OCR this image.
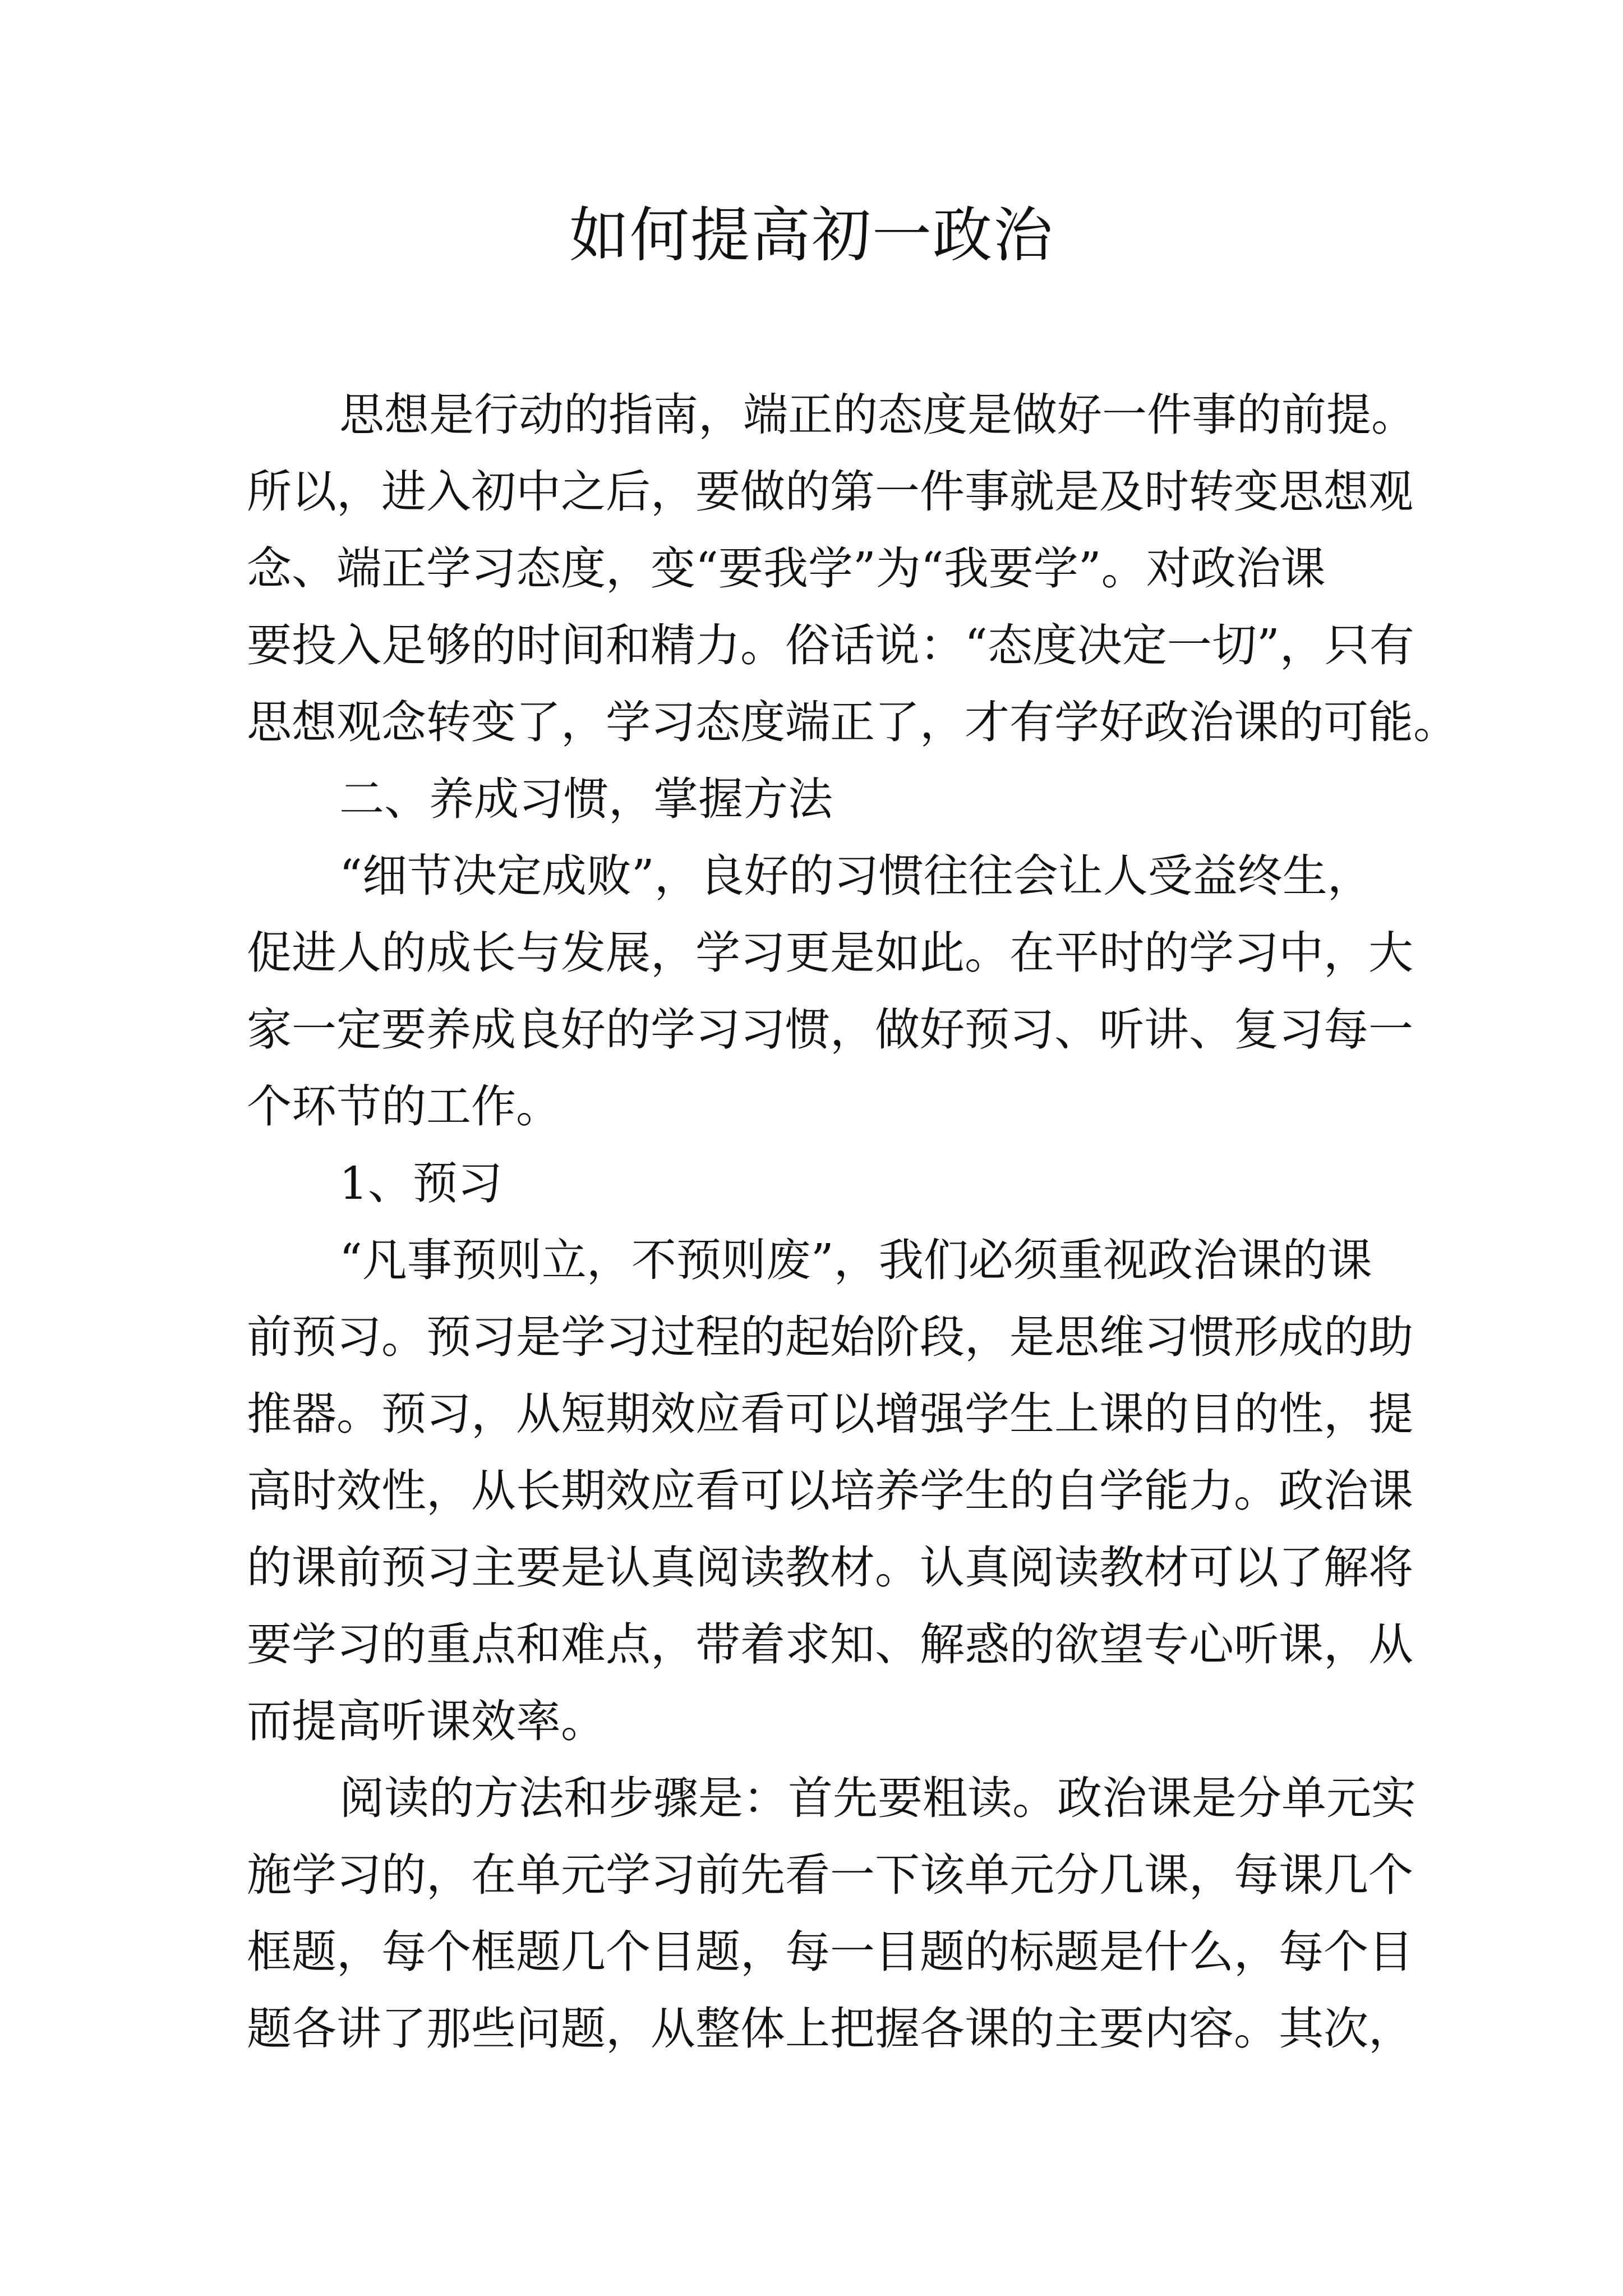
如何提高初一政治

思想是行动的指南，端正的态度是做好一件事的前提。

所以，进入初中之后，要做的第一件事就是及时转变思想观

念、端正学习态度，变“要我学”为“我要学”。对政治课

要投入足够的时间和精力。俗话说：“态度决定一切”，只有

思想观念转变了，学习态度端正了，才有学好政治课的可能。

二、养成习惯，掌握方法

“细节决定成败”，良好的习惯往往会让人受益终生，

促进人的成长与发展，学习更是如此。在平时的学习中，大

家一定要养成良好的学习习惯，做好预习、听讲、复习每一

个环节的工作。

1、预习

“凡事预则立，不预则废”，我们必须重视政治课的课

前预习。预习是学习过程的起始阶段，是思维习惯形成的助

推器。预习，从短期效应看可以增强学生上课的目的性，提

高时效性，从长期效应看可以培养学生的自学能力。政治课

的课前预习主要是认真阅读教材。认真阅读教材可以了解将

要学习的重点和难点，带着求知、解惑的欲望专心听课，从

而提高听课效率。

阅读的方法和步骤是：首先要粗读。政治课是分单元实

施学习的，在单元学习前先看一下该单元分几课，每课几个

框题，每个框题几个目题，每一目题的标题是什么，每个目

题各讲了那些问题，从整体上把握各课的主要内容。其次，
